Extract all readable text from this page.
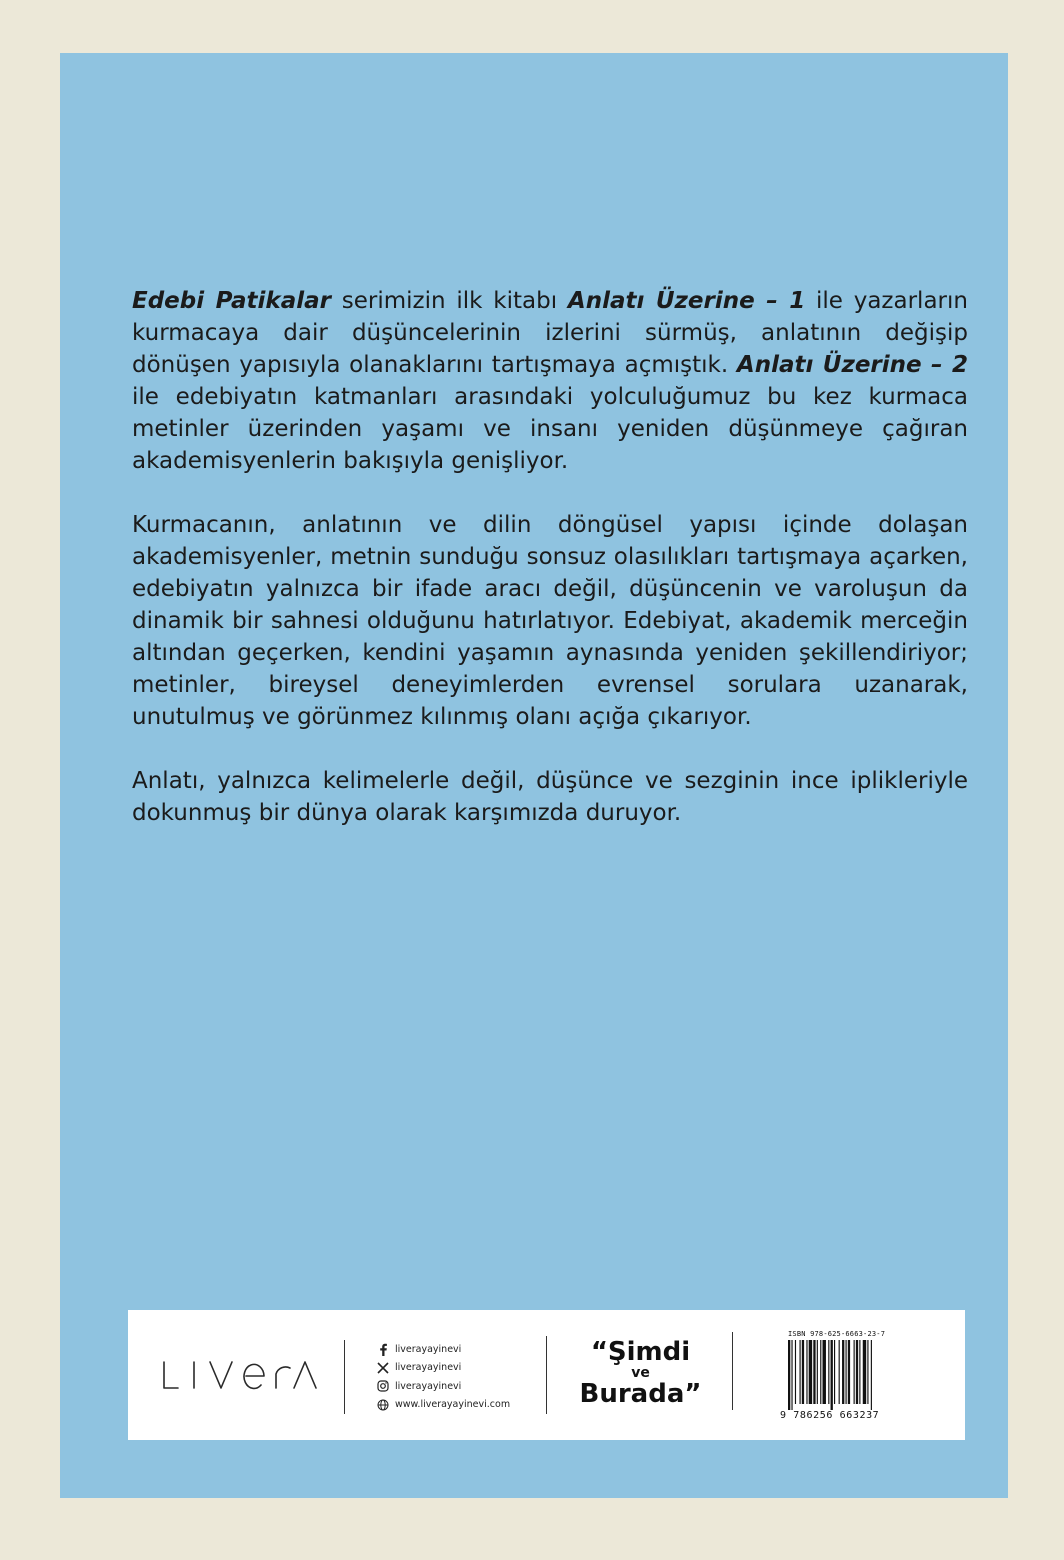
Edebi Patikalar serimizin ilk kitabı Anlatı Üzerine – 1 ile yazarların kurmacaya dair düşüncelerinin izlerini sürmüş, anlatının değişip dönüşen yapısıyla olanaklarını tartışmaya açmıştık. Anlatı Üzerine – 2 ile edebiyatın katmanları arasındaki yolculuğumuz bu kez kurmaca metinler üzerinden yaşamı ve insanı yeniden düşünmeye çağıran akademisyenlerin bakışıyla genişliyor.

Kurmacanın, anlatının ve dilin döngüsel yapısı içinde dolaşan akademisyenler, metnin sunduğu sonsuz olasılıkları tartışmaya açarken, edebiyatın yalnızca bir ifade aracı değil, düşüncenin ve varoluşun da dinamik bir sahnesi olduğunu hatırlatıyor. Edebiyat, akademik merceğin altından geçerken, kendini yaşamın aynasında yeniden şekillendiriyor; metinler, bireysel deneyimlerden evrensel sorulara uzanarak, unutulmuş ve görünmez kılınmış olanı açığa çıkarıyor.

Anlatı, yalnızca kelimelerle değil, düşünce ve sezginin ince iplikleriyle dokunmuş bir dünya olarak karşımızda duruyor.

liverayayinevi
liverayayinevi
liverayayinevi
www.liverayayinevi.com
“Şimdi
ve
Burada”
ISBN 978-625-6663-23-7
9 786256 663237
